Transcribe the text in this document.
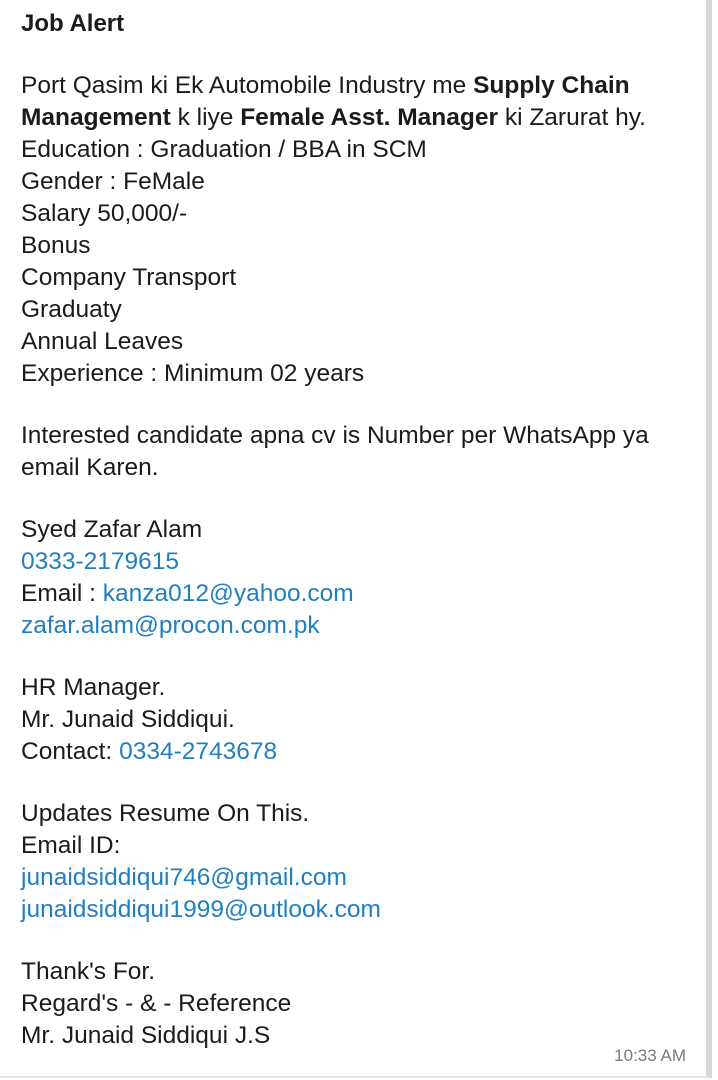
Job Alert
Port Qasim ki Ek Automobile Industry me Supply Chain Management k liye Female Asst. Manager ki Zarurat hy.
Education : Graduation / BBA in SCM
Gender : FeMale
Salary 50,000/-
Bonus
Company Transport
Graduaty
Annual Leaves
Experience : Minimum 02 years
Interested candidate apna cv is Number per WhatsApp ya email Karen.
Syed Zafar Alam
0333-2179615
Email : kanza012@yahoo.com
zafar.alam@procon.com.pk
HR Manager.
Mr. Junaid Siddiqui.
Contact: 0334-2743678
Updates Resume On This.
Email ID:
junaidsiddiqui746@gmail.com
junaidsiddiqui1999@outlook.com
Thank's For.
Regard's - & - Reference
Mr. Junaid Siddiqui J.S
10:33 AM
